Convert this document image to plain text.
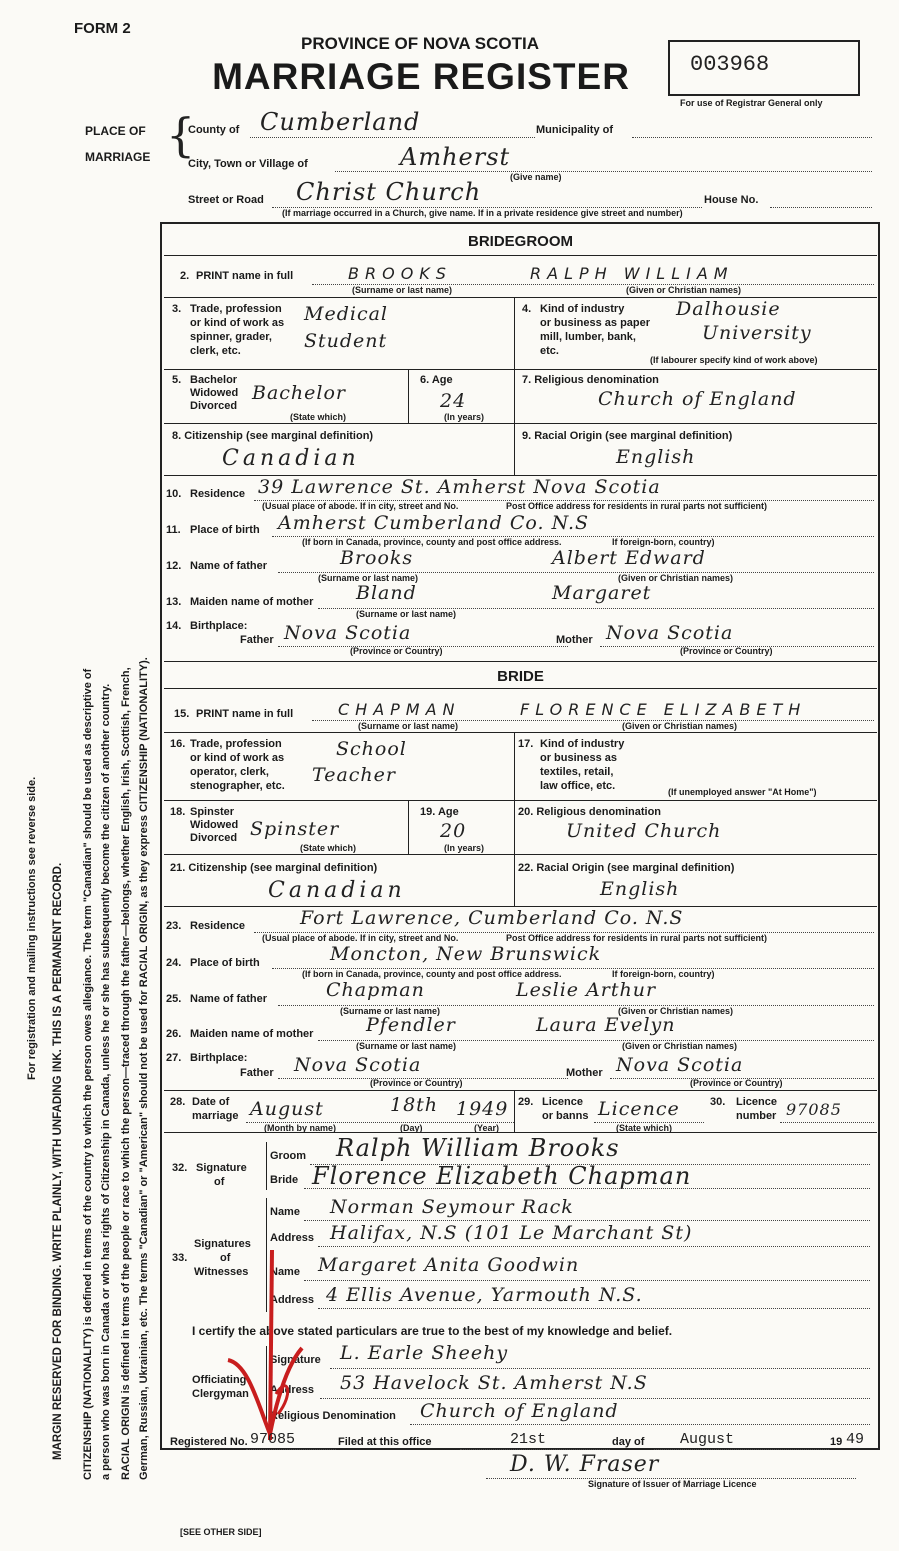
FORM 2
PROVINCE OF NOVA SCOTIA
MARRIAGE REGISTER	003968
For use of Registrar General only
For registration and mailing instructions see reverse side. MARGIN RESERVED FOR BINDING. WRITE PLAINLY, WITH UNFADING INK. THIS IS A PERMANENT RECORD. CITIZENSHIP (NATIONALITY) is defined in terms of the country to which the person owes allegiance. The term "Canadian" should be used as descriptive of a person who was born in Canada or who has rights of Citizenship in Canada, unless he or she has subsequently become the citizen of another country. RACIAL ORIGIN is defined in terms of the people or race to which the person—traced through the father—belongs, whether English, Irish, Scottish, French, German, Russian, Ukrainian, etc. The terms "Canadian" or "American" should not be used for RACIAL ORIGIN, as they express CITIZENSHIP (NATIONALITY).
PLACE OF
MARRIAGE {
County of Cumberland	Municipality of
City, Town or Village of	Amherst
(Give name)
Street or Road Christ Church	House No.
(If marriage occurred in a Church, give name. If in a private residence give street and number)
BRIDEGROOM
2. PRINT name in full	BROOKS	RALPH WILLIAM
(Surname or last name)	(Given or Christian names)
3. Trade, profession
or kind of work as
spinner, grader,
clerk, etc.
Medical
Student
4. Kind of industry
or business as paper
mill, lumber, bank,
etc.
Dalhousie
University
(If labourer specify kind of work above)
5. Bachelor
Widowed
Divorced
Bachelor
(State which)
6. Age
24
(In years)
7. Religious denomination
Church of England
8. Citizenship (see marginal definition)
Canadian
9. Racial Origin (see marginal definition)
English
10. Residence 39 Lawrence St. Amherst Nova Scotia
(Usual place of abode. If in city, street and No.	Post Office address for residents in rural parts not sufficient)
11. Place of birth Amherst Cumberland Co. N.S
(If born in Canada, province, county and post office address.	If foreign-born, country)
12. Name of father	Brooks	Albert Edward
(Surname or last name)	(Given or Christian names)
13. Maiden name of mother Bland	Margaret
(Surname or last name)
14. Birthplace:
Father Nova Scotia	Mother Nova Scotia
(Province or Country)	(Province or Country)
BRIDE
15. PRINT name in full	CHAPMAN	FLORENCE ELIZABETH
(Surname or last name)	(Given or Christian names)
16. Trade, profession
or kind of work as
operator, clerk,
stenographer, etc.
School
Teacher
17. Kind of industry
or business as
textiles, retail,
law office, etc.	(If unemployed answer "At Home")
18. Spinster
Widowed
Divorced Spinster
(State which)
19. Age
20
(In years)
20. Religious denomination
United Church
21. Citizenship (see marginal definition)
Canadian
22. Racial Origin (see marginal definition)
English
23. Residence	Fort Lawrence, Cumberland Co. N.S
(Usual place of abode. If in city, street and No.	Post Office address for residents in rural parts not sufficient)
24. Place of birth	Moncton, New Brunswick
(If born in Canada, province, county and post office address.	If foreign-born, country)
25. Name of father	Chapman	Leslie Arthur
(Surname or last name)	(Given or Christian names)
26. Maiden name of mother	Pfendler	Laura Evelyn
(Surname or last name)	(Given or Christian names)
27. Birthplace:
Father Nova Scotia	Mother Nova Scotia
(Province or Country)	(Province or Country)
28. Date of
marriage August	18th 1949
(Month by name)	(Day)	(Year)
29. Licence
or banns Licence
(State which)
30. Licence
number 97085
32. Signature
of
Groom Ralph William Brooks
Bride Florence Elizabeth Chapman
33.
Signatures
of
Witnesses
Name Norman Seymour Rack
Address Halifax, N.S (101 Le Marchant St)
Name Margaret Anita Goodwin
Address 4 Ellis Avenue, Yarmouth N.S.
I certify the above stated particulars are true to the best of my knowledge and belief.
Officiating
Clergyman
Signature L. Earle Sheehy
Address 53 Havelock St. Amherst N.S
Religious Denomination Church of England
Registered No. 97085	Filed at this office	21st	day of August	19 49
D. W. Fraser
Signature of Issuer of Marriage Licence
[SEE OTHER SIDE]
